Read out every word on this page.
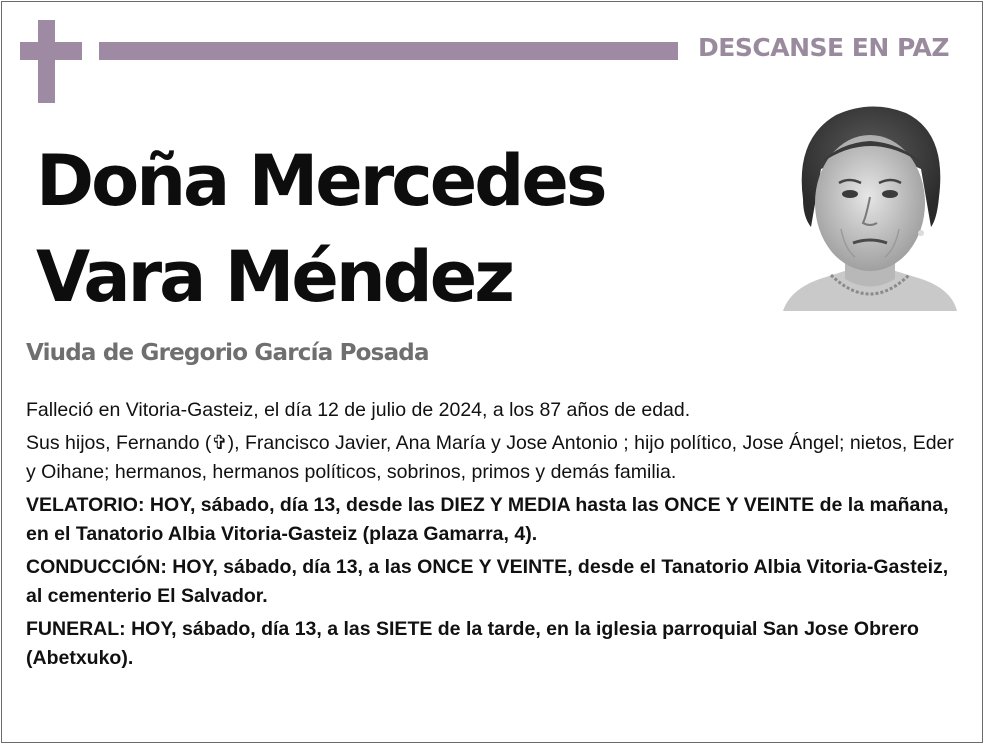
DESCANSE EN PAZ
Doña Mercedes
Vara Méndez
Viuda de Gregorio García Posada

Falleció en Vitoria-Gasteiz, el día 12 de julio de 2024, a los 87 años de edad.

Sus hijos, Fernando (✞), Francisco Javier, Ana María y Jose Antonio ; hijo político, Jose Ángel; nietos, Eder y Oihane; hermanos, hermanos políticos, sobrinos, primos y demás familia.

VELATORIO: HOY, sábado, día 13, desde las DIEZ Y MEDIA hasta las ONCE Y VEINTE de la mañana, en el Tanatorio Albia Vitoria-Gasteiz (plaza Gamarra, 4).

CONDUCCIÓN: HOY, sábado, día 13, a las ONCE Y VEINTE, desde el Tanatorio Albia Vitoria-Gasteiz, al cementerio El Salvador.

FUNERAL: HOY, sábado, día 13, a las SIETE de la tarde, en la iglesia parroquial San Jose Obrero (Abetxuko).
